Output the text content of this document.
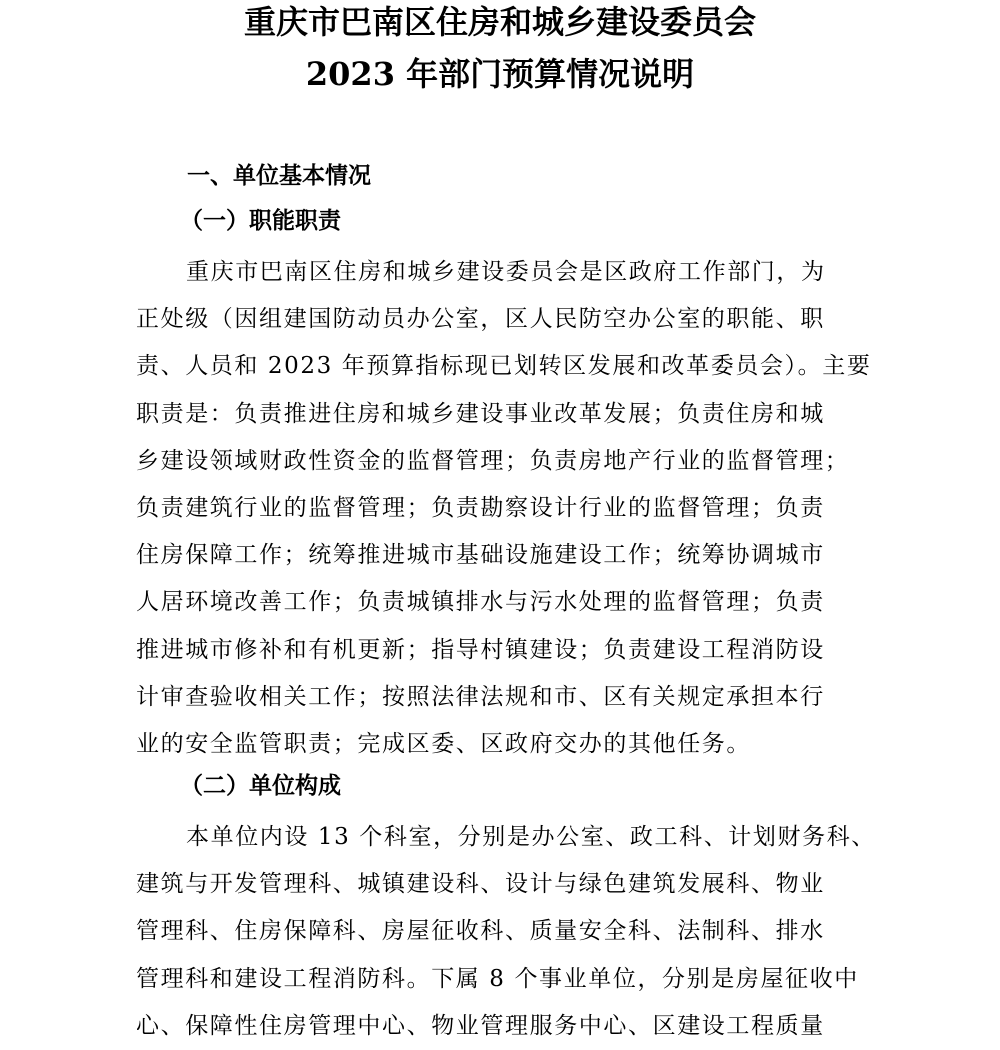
重庆市巴南区住房和城乡建设委员会
2023 年部门预算情况说明
一、单位基本情况
（一）职能职责
重庆市巴南区住房和城乡建设委员会是区政府工作部门，为
正处级（因组建国防动员办公室，区人民防空办公室的职能、职
责、人员和 2023 年预算指标现已划转区发展和改革委员会）。主要
职责是：负责推进住房和城乡建设事业改革发展；负责住房和城
乡建设领域财政性资金的监督管理；负责房地产行业的监督管理；
负责建筑行业的监督管理；负责勘察设计行业的监督管理；负责
住房保障工作；统筹推进城市基础设施建设工作；统筹协调城市
人居环境改善工作；负责城镇排水与污水处理的监督管理；负责
推进城市修补和有机更新；指导村镇建设；负责建设工程消防设
计审查验收相关工作；按照法律法规和市、区有关规定承担本行
业的安全监管职责；完成区委、区政府交办的其他任务。
（二）单位构成
本单位内设 13 个科室，分别是办公室、政工科、计划财务科、
建筑与开发管理科、城镇建设科、设计与绿色建筑发展科、物业
管理科、住房保障科、房屋征收科、质量安全科、法制科、排水
管理科和建设工程消防科。下属 8 个事业单位，分别是房屋征收中
心、保障性住房管理中心、物业管理服务中心、区建设工程质量
